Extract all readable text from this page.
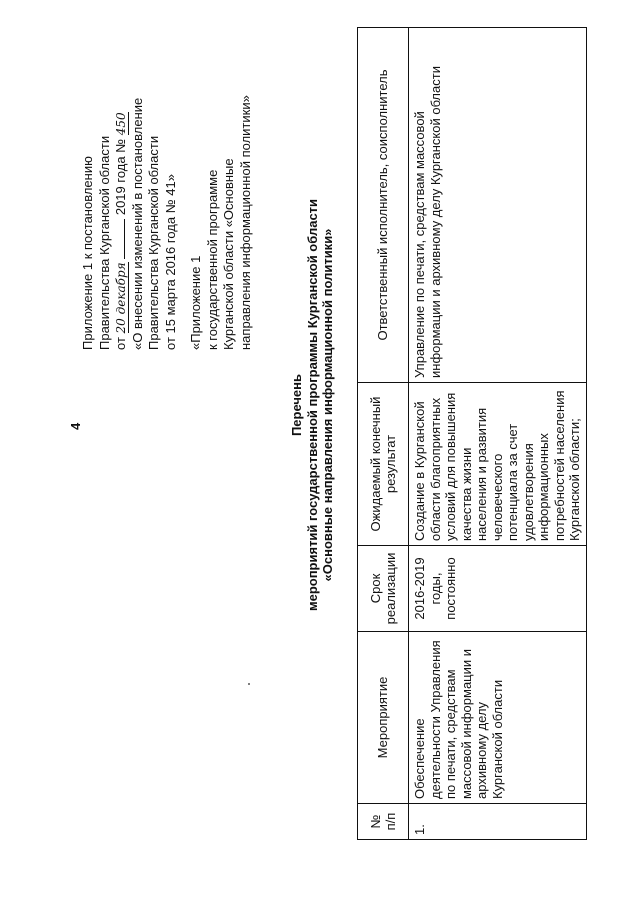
4
Приложение 1 к постановлению Правительства Курганской области от 20 декабря  2019 года № 450 «О внесении изменений в постановление Правительства Курганской области от 15 марта 2016 года № 41» «Приложение 1 к государственной программе Курганской области «Основные направления информационной политики»
Перечень мероприятий государственной программы Курганской области «Основные направления информационной политики»
№ п/п	Мероприятие	Срок реализации	Ожидаемый конечный результат	Ответственный исполнитель, соисполнитель
1.	Обеспечение деятельности Управления по печати, средствам массовой информации и архивному делу Курганской области	2016-2019 годы, постоянно	Создание в Курганской области благоприятных условий для повышения качества жизни населения и развития человеческого потенциала за счет удовлетворения информационных потребностей населения Курганской области;	Управление по печати, средствам массовой информации и архивному делу Курганской области
